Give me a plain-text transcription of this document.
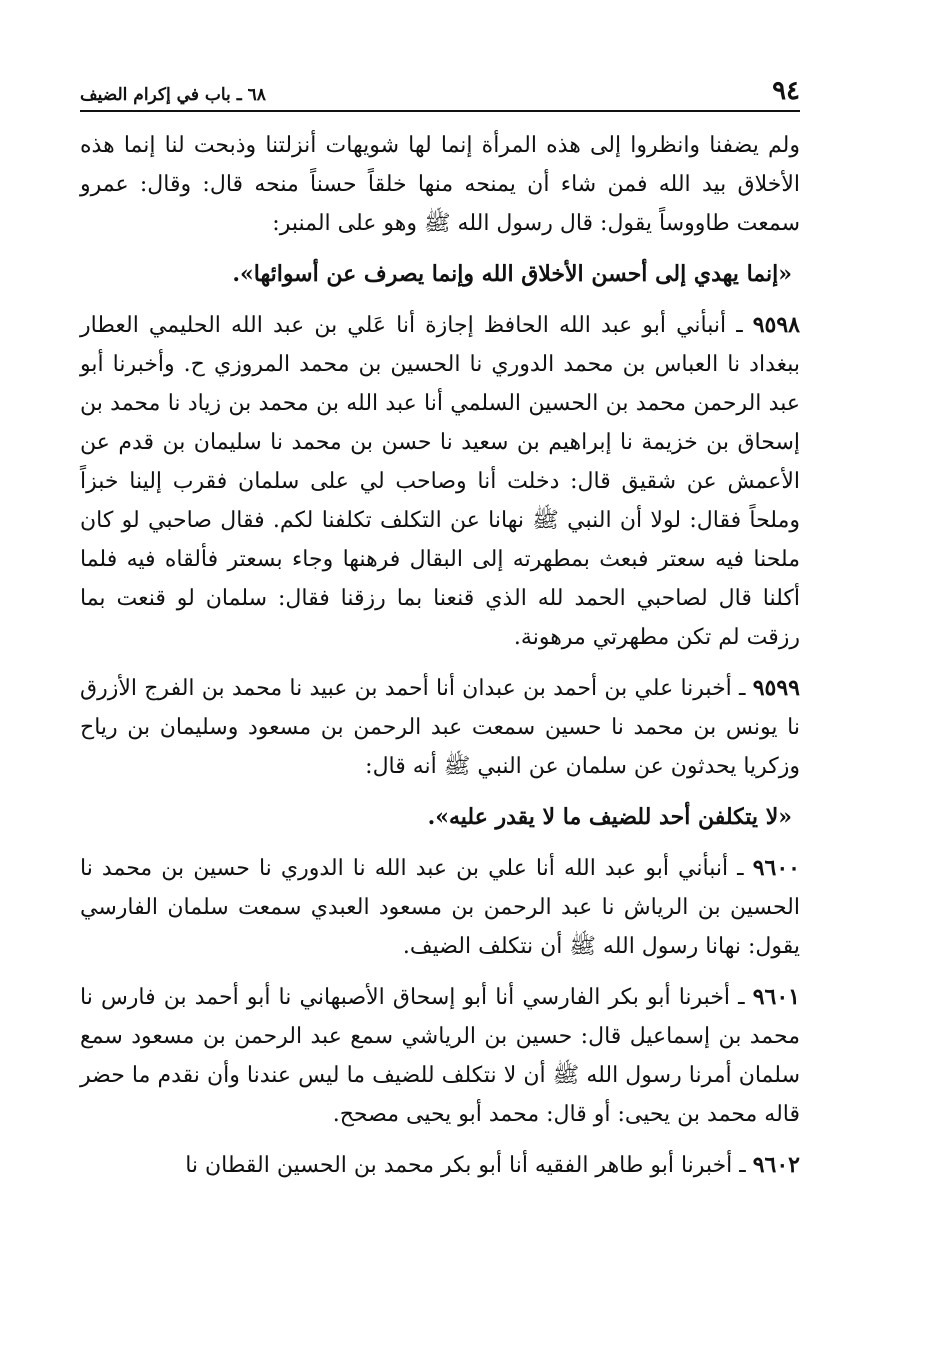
٩٤
٦٨ ـ باب في إكرام الضيف

ولم يضفنا وانظروا إلى هذه المرأة إنما لها شويهات أنزلتنا وذبحت لنا إنما هذه الأخلاق بيد الله فمن شاء أن يمنحه منها خلقاً حسناً منحه قال: وقال: عمرو سمعت طاووساً يقول: قال رسول الله ﷺ وهو على المنبر:

«إنما يهدي إلى أحسن الأخلاق الله وإنما يصرف عن أسوائها».

٩٥٩٨ ـ أنبأني أبو عبد الله الحافظ إجازة أنا عَلي بن عبد الله الحليمي العطار ببغداد نا العباس بن محمد الدوري نا الحسين بن محمد المروزي ح. وأخبرنا أبو عبد الرحمن محمد بن الحسين السلمي أنا عبد الله بن محمد بن زياد نا محمد بن إسحاق بن خزيمة نا إبراهيم بن سعيد نا حسن بن محمد نا سليمان بن قدم عن الأعمش عن شقيق قال: دخلت أنا وصاحب لي على سلمان فقرب إلينا خبزاً وملحاً فقال: لولا أن النبي ﷺ نهانا عن التكلف تكلفنا لكم. فقال صاحبي لو كان ملحنا فيه سعتر فبعث بمطهرته إلى البقال فرهنها وجاء بسعتر فألقاه فيه فلما أكلنا قال لصاحبي الحمد لله الذي قنعنا بما رزقنا فقال: سلمان لو قنعت بما رزقت لم تكن مطهرتي مرهونة.

٩٥٩٩ ـ أخبرنا علي بن أحمد بن عبدان أنا أحمد بن عبيد نا محمد بن الفرج الأزرق نا يونس بن محمد نا حسين سمعت عبد الرحمن بن مسعود وسليمان بن رياح وزكريا يحدثون عن سلمان عن النبي ﷺ أنه قال:

«لا يتكلفن أحد للضيف ما لا يقدر عليه».

٩٦٠٠ ـ أنبأني أبو عبد الله أنا علي بن عبد الله نا الدوري نا حسين بن محمد نا الحسين بن الرياش نا عبد الرحمن بن مسعود العبدي سمعت سلمان الفارسي يقول: نهانا رسول الله ﷺ أن نتكلف الضيف.

٩٦٠١ ـ أخبرنا أبو بكر الفارسي أنا أبو إسحاق الأصبهاني نا أبو أحمد بن فارس نا محمد بن إسماعيل قال: حسين بن الرياشي سمع عبد الرحمن بن مسعود سمع سلمان أمرنا رسول الله ﷺ أن لا نتكلف للضيف ما ليس عندنا وأن نقدم ما حضر قاله محمد بن يحيى: أو قال: محمد أبو يحيى مصحح.

٩٦٠٢ ـ أخبرنا أبو طاهر الفقيه أنا أبو بكر محمد بن الحسين القطان نا
